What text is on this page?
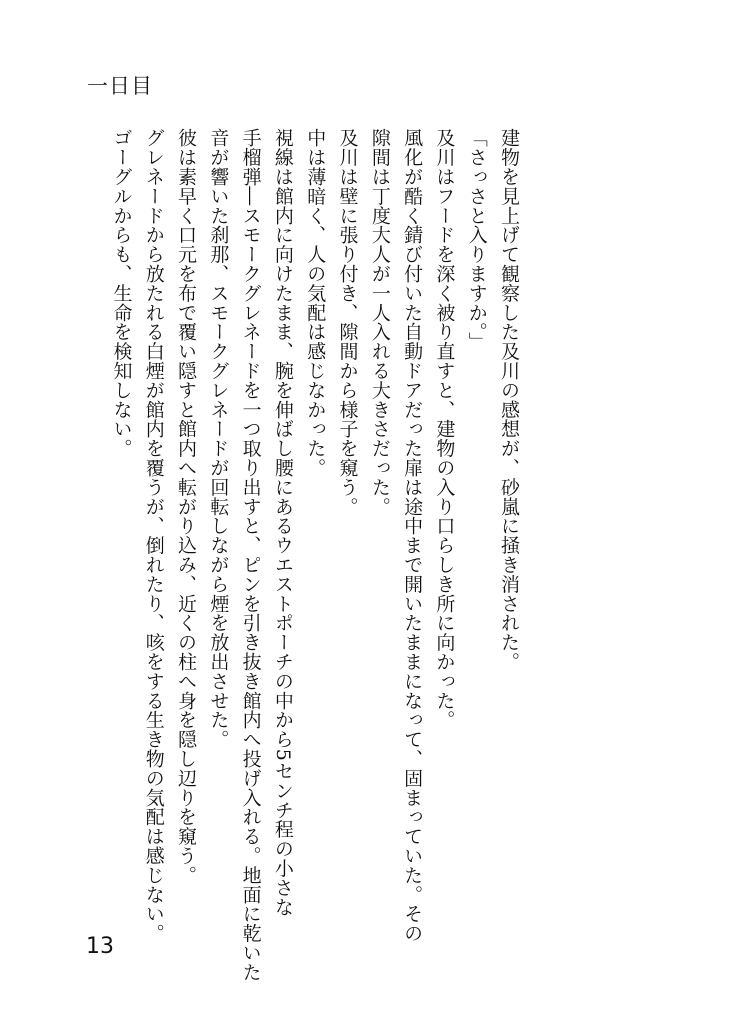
一日目

建物を見上げて観察した及川の感想が、砂嵐に掻き消された。

「さっさと入りますか。」

及川はフードを深く被り直すと、建物の入り口らしき所に向かった。

風化が酷く錆び付いた自動ドアだった扉は途中まで開いたままになって、固まっていた。その

隙間は丁度大人が一人入れる大きさだった。

及川は壁に張り付き、隙間から様子を窺う。

中は薄暗く、人の気配は感じなかった。

視線は館内に向けたまま、腕を伸ばし腰にあるウエストポーチの中から5センチ程の小さな

手榴弾―スモークグレネードを一つ取り出すと、ピンを引き抜き館内へ投げ入れる。地面に乾いた

音が響いた刹那、スモークグレネードが回転しながら煙を放出させた。

彼は素早く口元を布で覆い隠すと館内へ転がり込み、近くの柱へ身を隠し辺りを窺う。

グレネードから放たれる白煙が館内を覆うが、倒れたり、咳をする生き物の気配は感じない。

ゴーグルからも、生命を検知しない。

13
